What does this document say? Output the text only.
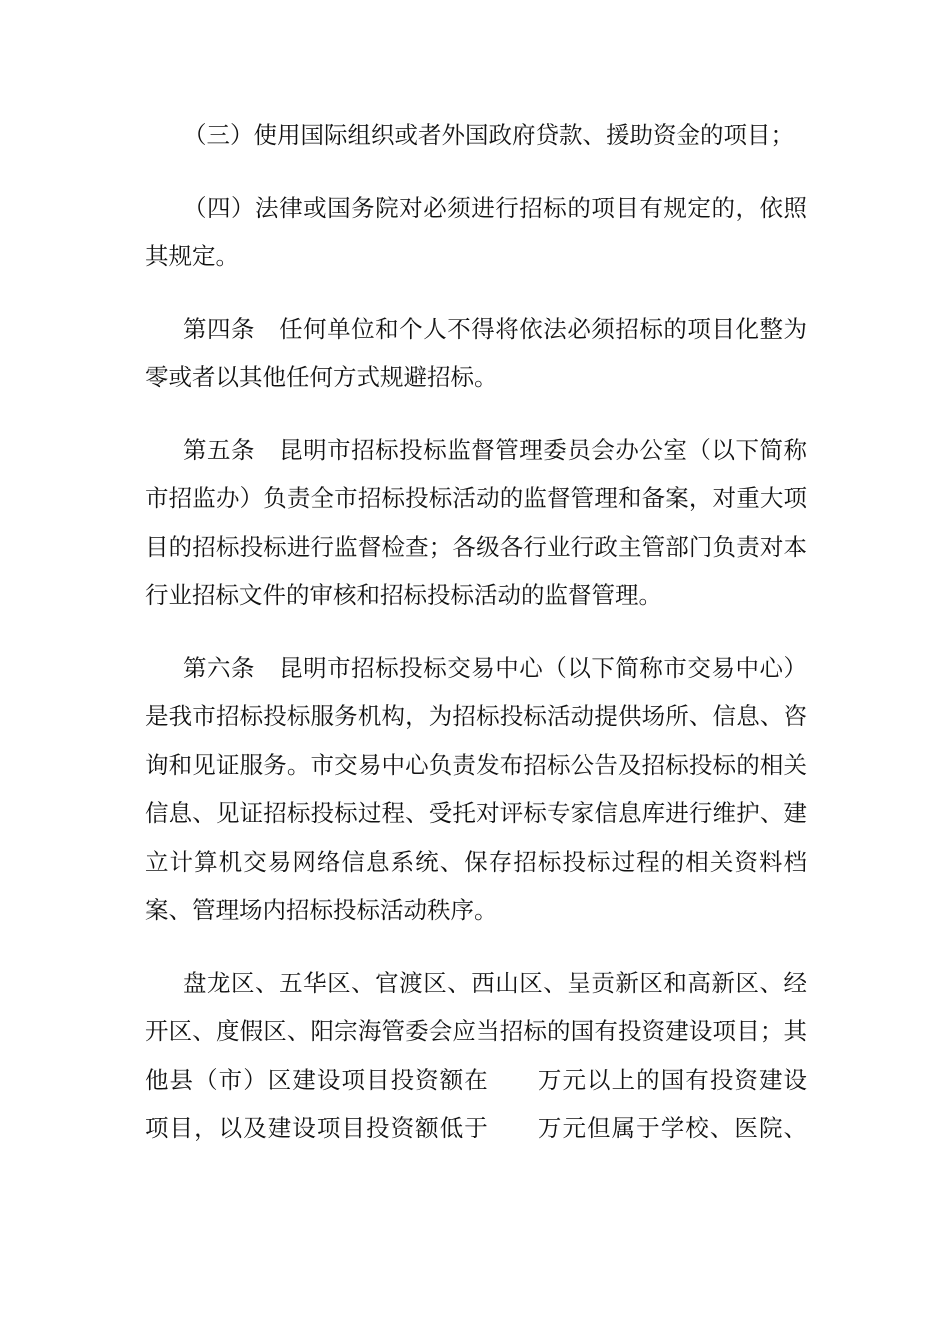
（三）使用国际组织或者外国政府贷款、援助资金的项目；
（四）法律或国务院对必须进行招标的项目有规定的，依照
其规定。
第四条　任何单位和个人不得将依法必须招标的项目化整为
零或者以其他任何方式规避招标。
第五条　昆明市招标投标监督管理委员会办公室（以下简称
市招监办）负责全市招标投标活动的监督管理和备案，对重大项
目的招标投标进行监督检查；各级各行业行政主管部门负责对本
行业招标文件的审核和招标投标活动的监督管理。
第六条　昆明市招标投标交易中心（以下简称市交易中心）
是我市招标投标服务机构，为招标投标活动提供场所、信息、咨
询和见证服务。市交易中心负责发布招标公告及招标投标的相关
信息、见证招标投标过程、受托对评标专家信息库进行维护、建
立计算机交易网络信息系统、保存招标投标过程的相关资料档
案、管理场内招标投标活动秩序。
盘龙区、五华区、官渡区、西山区、呈贡新区和高新区、经
开区、度假区、阳宗海管委会应当招标的国有投资建设项目；其
他县（市）区建设项目投资额在 万元以上的国有投资建设
项目，以及建设项目投资额低于 万元但属于学校、医院、
